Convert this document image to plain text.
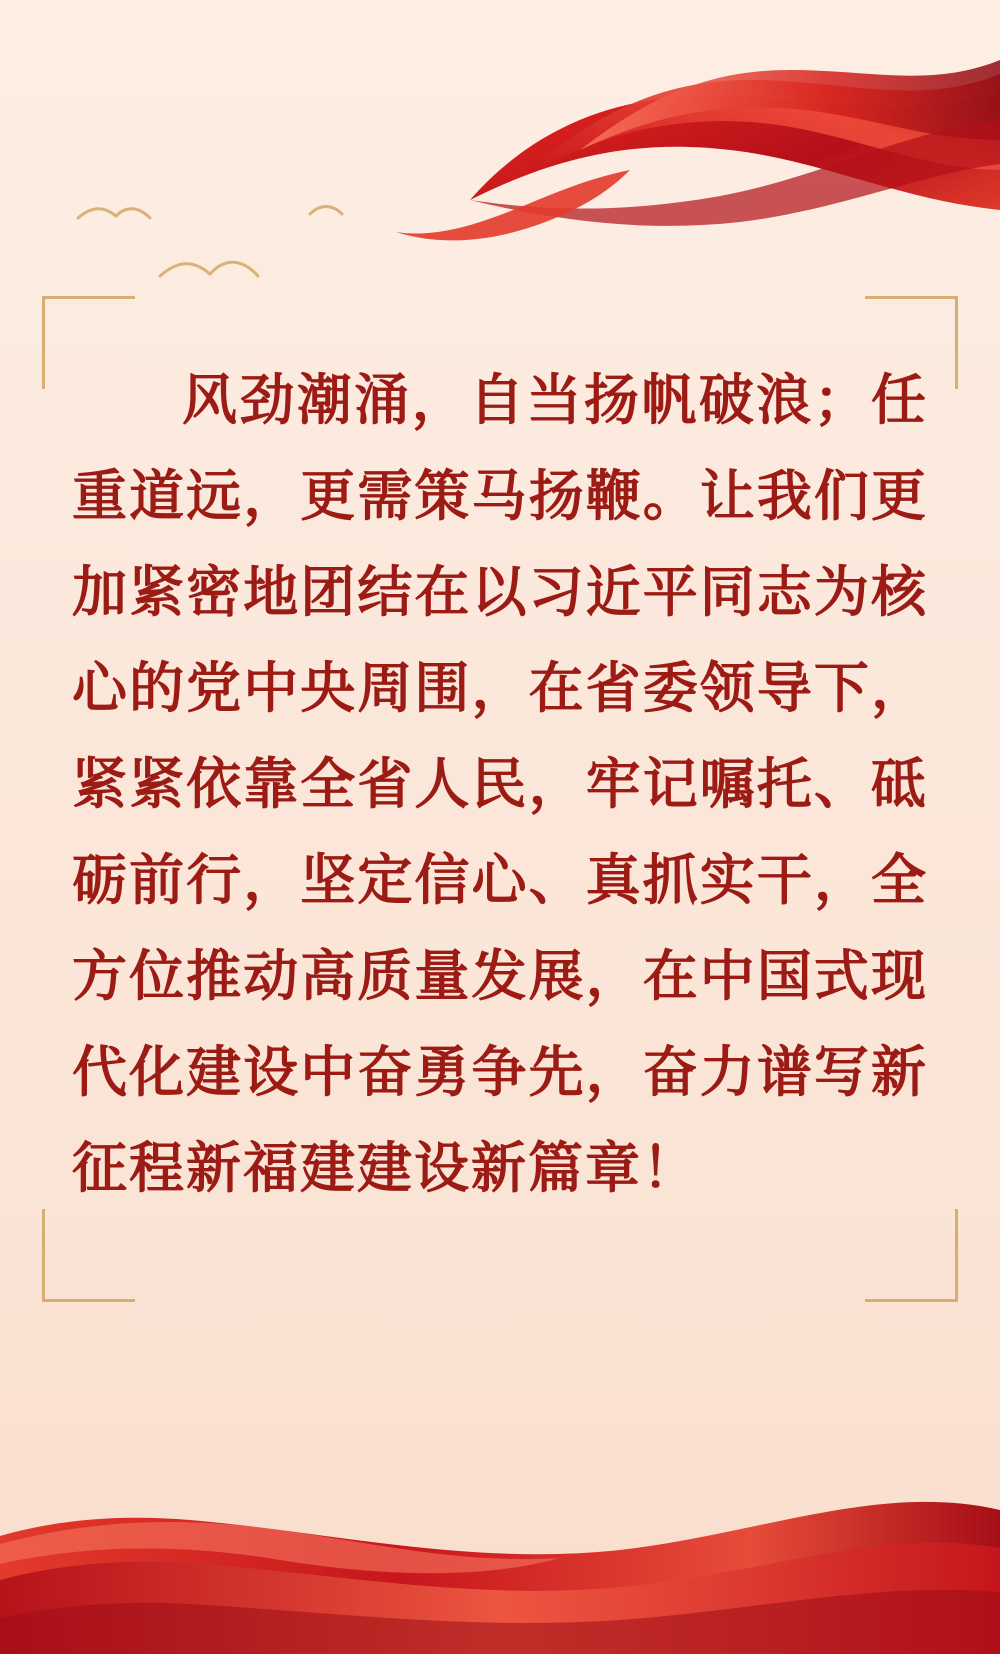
风劲潮涌，自当扬帆破浪；任重道远，更需策马扬鞭。让我们更加紧密地团结在以习近平同志为核心的党中央周围，在省委领导下，紧紧依靠全省人民，牢记嘱托、砥砺前行，坚定信心、真抓实干，全方位推动高质量发展，在中国式现代化建设中奋勇争先，奋力谱写新征程新福建建设新篇章！
